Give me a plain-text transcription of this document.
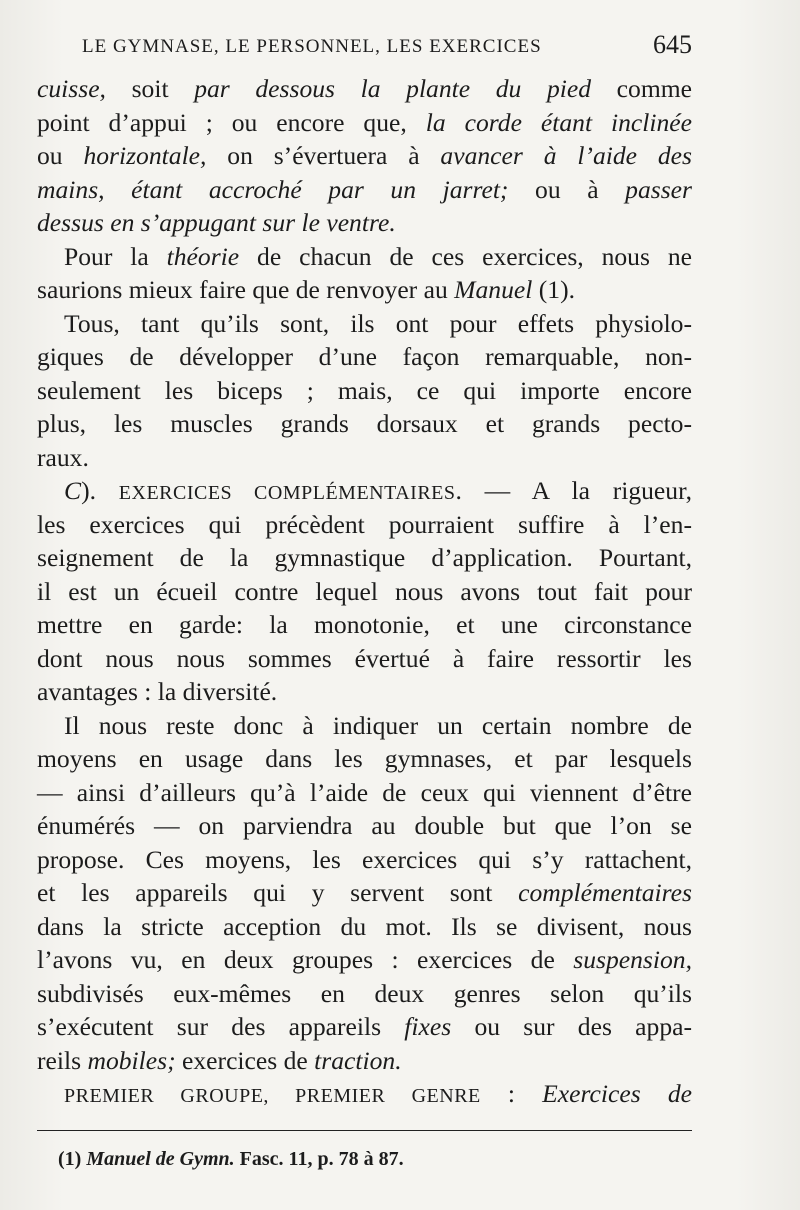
LE GYMNASE, LE PERSONNEL, LES EXERCICES	645
cuisse, soit par dessous la plante du pied comme
point d’appui ; ou encore que, la corde étant inclinée
ou horizontale, on s’évertuera à avancer à l’aide des
mains, étant accroché par un jarret; ou à passer
dessus en s’appugant sur le ventre.
Pour la théorie de chacun de ces exercices, nous ne
saurions mieux faire que de renvoyer au Manuel (1).
Tous, tant qu’ils sont, ils ont pour effets physiolo-
giques de développer d’une façon remarquable, non-
seulement les biceps ; mais, ce qui importe encore
plus, les muscles grands dorsaux et grands pecto-
raux.
C). EXERCICES COMPLÉMENTAIRES. — A la rigueur,
les exercices qui précèdent pourraient suffire à l’en-
seignement de la gymnastique d’application. Pourtant,
il est un écueil contre lequel nous avons tout fait pour
mettre en garde: la monotonie, et une circonstance
dont nous nous sommes évertué à faire ressortir les
avantages : la diversité.
Il nous reste donc à indiquer un certain nombre de
moyens en usage dans les gymnases, et par lesquels
— ainsi d’ailleurs qu’à l’aide de ceux qui viennent d’être
énumérés — on parviendra au double but que l’on se
propose. Ces moyens, les exercices qui s’y rattachent,
et les appareils qui y servent sont complémentaires
dans la stricte acception du mot. Ils se divisent, nous
l’avons vu, en deux groupes : exercices de suspension,
subdivisés eux-mêmes en deux genres selon qu’ils
s’exécutent sur des appareils fixes ou sur des appa-
reils mobiles; exercices de traction.
PREMIER GROUPE, PREMIER GENRE : Exercices de
(1) Manuel de Gymn. Fasc. 11, p. 78 à 87.
